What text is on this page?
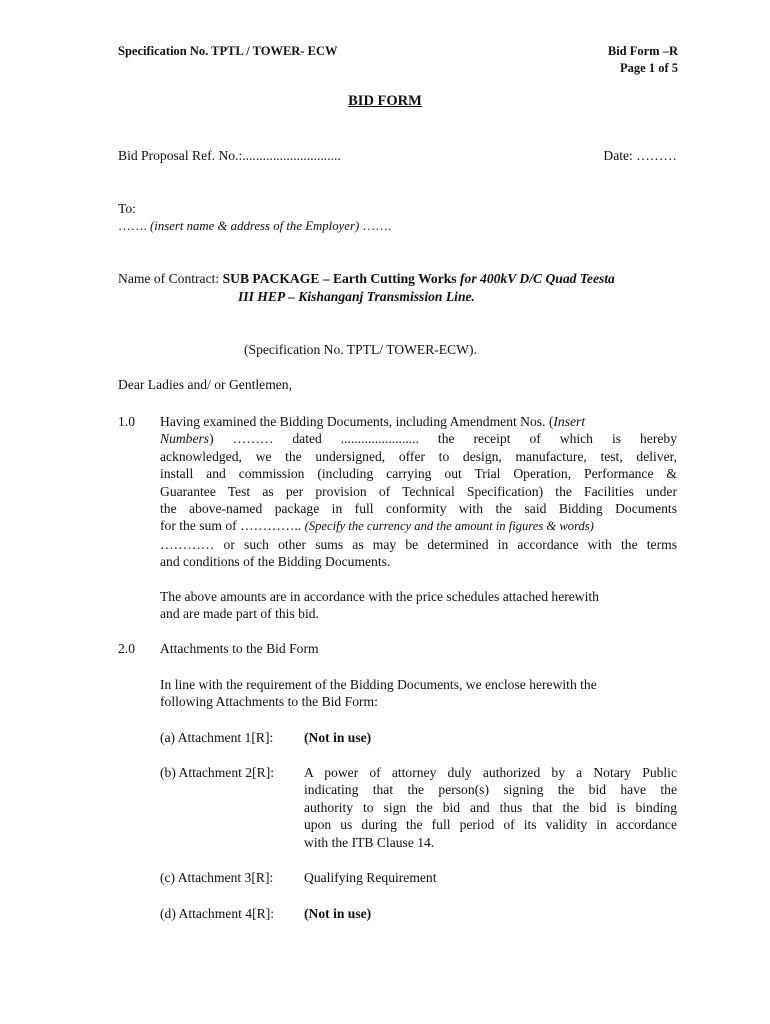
Specification No. TPTL / TOWER- ECW	Bid Form –R
Page 1 of 5
BID FORM
Bid Proposal Ref. No.:.............................	Date: ………
To:
……. (insert name & address of the Employer) …….
Name of Contract: SUB PACKAGE – Earth Cutting Works for 400kV D/C Quad Teesta
III HEP – Kishanganj Transmission Line.
(Specification No. TPTL/ TOWER-ECW).
Dear Ladies and/ or Gentlemen,
1.0 Having examined the Bidding Documents, including Amendment Nos. (Insert
Numbers ) ……… dated ....................... the receipt of which is hereby
acknowledged, we the undersigned, offer to design, manufacture, test, deliver,
install and commission (including carrying out Trial Operation, Performance &
Guarantee Test as per provision of Technical Specification) the Facilities under
the above-named package in full conformity with the said Bidding Documents
for the sum of ………….. (Specify the currency and the amount in figures & words)
………… or such other sums as may be determined in accordance with the terms
and conditions of the Bidding Documents.
The above amounts are in accordance with the price schedules attached herewith
and are made part of this bid.
2.0 Attachments to the Bid Form
In line with the requirement of the Bidding Documents, we enclose herewith the
following Attachments to the Bid Form:
(a) Attachment 1[R]: (Not in use)
(b) Attachment 2[R]: A power of attorney duly authorized by a Notary Public
indicating that the person(s) signing the bid have the
authority to sign the bid and thus that the bid is binding
upon us during the full period of its validity in accordance
with the ITB Clause 14.
(c) Attachment 3[R]: Qualifying Requirement
(d) Attachment 4[R]: (Not in use)
